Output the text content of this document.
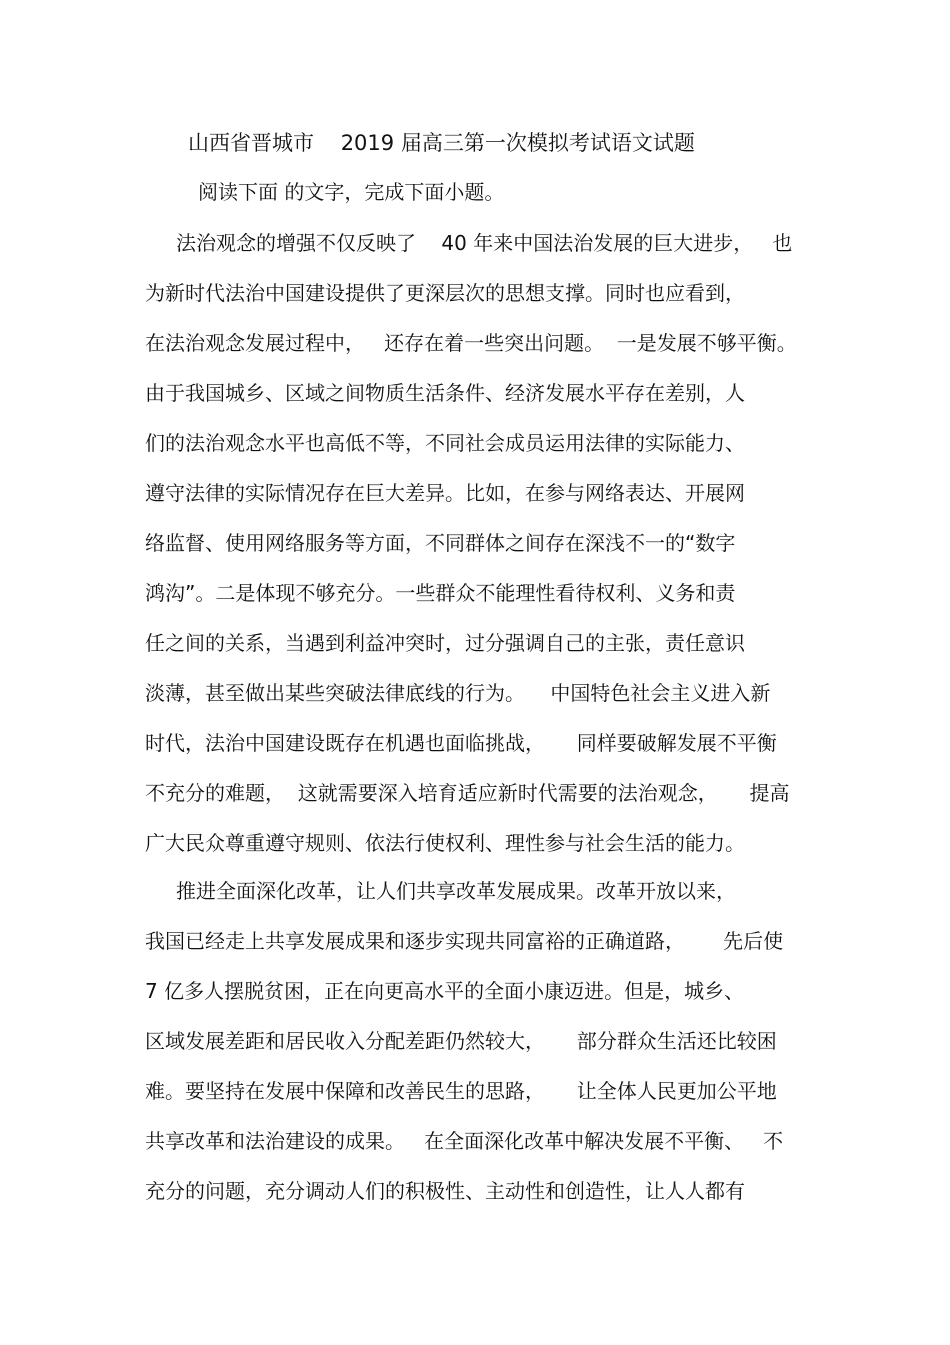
山西省晋城市    2019 届高三第一次模拟考试语文试题
阅读下面 的文字，完成下面小题。
法治观念的增强不仅反映了    40 年来中国法治发展的巨大进步，   也
为新时代法治中国建设提供了更深层次的思想支撑。同时也应看到，
在法治观念发展过程中，   还存在着一些突出问题。  一是发展不够平衡。
由于我国城乡、区域之间物质生活条件、经济发展水平存在差别，人
们的法治观念水平也高低不等，不同社会成员运用法律的实际能力、
遵守法律的实际情况存在巨大差异。比如，在参与网络表达、开展网
络监督、使用网络服务等方面，不同群体之间存在深浅不一的“数字
鸿沟”。二是体现不够充分。一些群众不能理性看待权利、义务和责
任之间的关系，当遇到利益冲突时，过分强调自己的主张，责任意识
淡薄，甚至做出某些突破法律底线的行为。    中国特色社会主义进入新
时代，法治中国建设既存在机遇也面临挑战，     同样要破解发展不平衡
不充分的难题，  这就需要深入培育适应新时代需要的法治观念，     提高
广大民众尊重遵守规则、依法行使权利、理性参与社会生活的能力。
推进全面深化改革，让人们共享改革发展成果。改革开放以来，
我国已经走上共享发展成果和逐步实现共同富裕的正确道路，      先后使
7 亿多人摆脱贫困，正在向更高水平的全面小康迈进。但是，城乡、
区域发展差距和居民收入分配差距仍然较大，     部分群众生活还比较困
难。要坚持在发展中保障和改善民生的思路，     让全体人民更加公平地
共享改革和法治建设的成果。   在全面深化改革中解决发展不平衡、   不
充分的问题，充分调动人们的积极性、主动性和创造性，让人人都有
